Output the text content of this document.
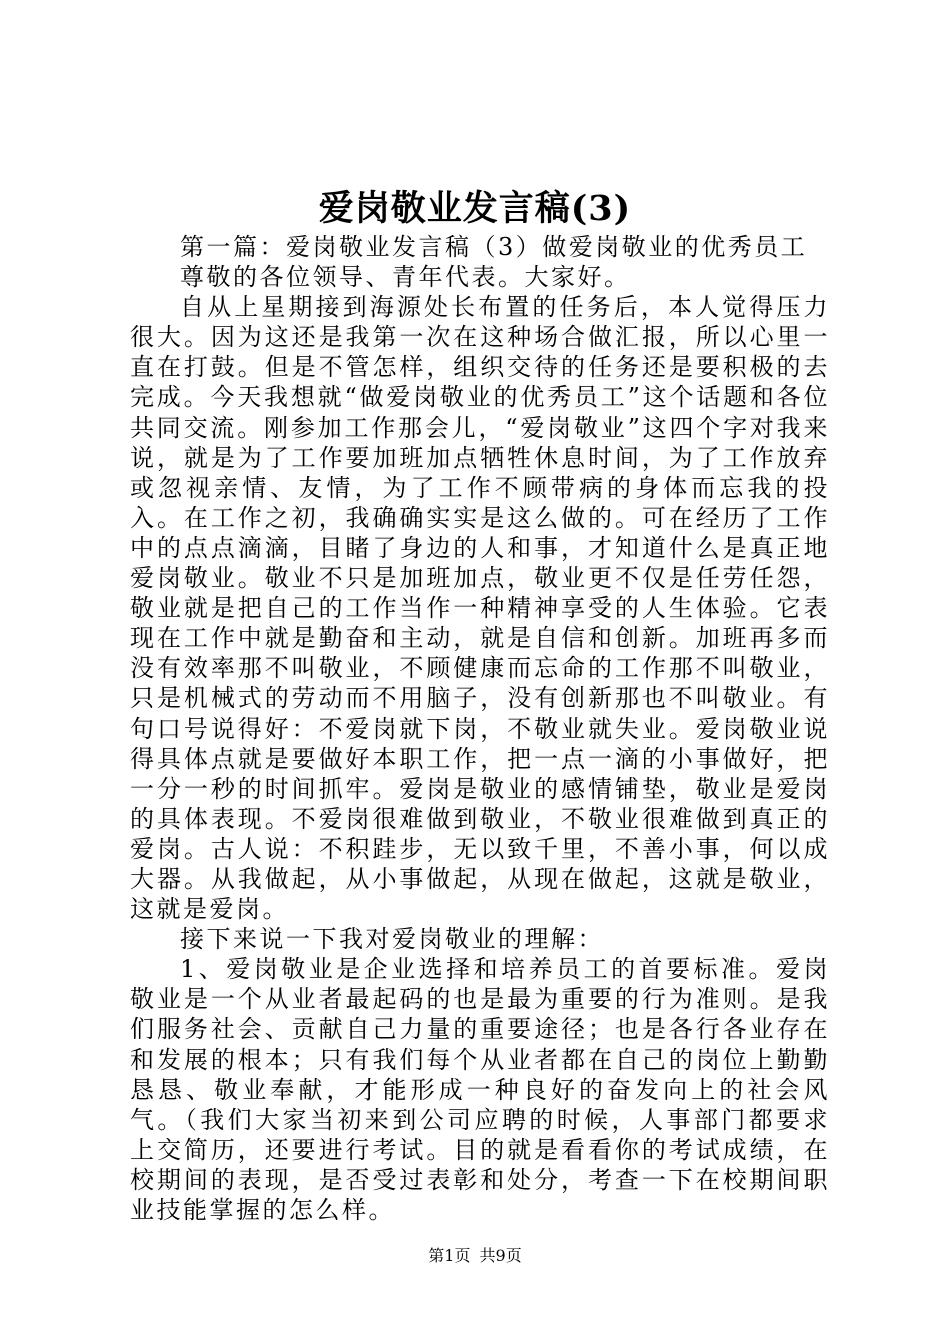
爱岗敬业发言稿(3)

第一篇：爱岗敬业发言稿（3）做爱岗敬业的优秀员工

尊敬的各位领导、青年代表。大家好。

自从上星期接到海源处长布置的任务后，本人觉得压力很大。因为这还是我第一次在这种场合做汇报，所以心里一直在打鼓。但是不管怎样，组织交待的任务还是要积极的去完成。今天我想就“做爱岗敬业的优秀员工”这个话题和各位共同交流。刚参加工作那会儿，“爱岗敬业”这四个字对我来说，就是为了工作要加班加点牺牲休息时间，为了工作放弃或忽视亲情、友情，为了工作不顾带病的身体而忘我的投入。在工作之初，我确确实实是这么做的。可在经历了工作中的点点滴滴，目睹了身边的人和事，才知道什么是真正地爱岗敬业。敬业不只是加班加点，敬业更不仅是任劳任怨，敬业就是把自己的工作当作一种精神享受的人生体验。它表现在工作中就是勤奋和主动，就是自信和创新。加班再多而没有效率那不叫敬业，不顾健康而忘命的工作那不叫敬业，只是机械式的劳动而不用脑子，没有创新那也不叫敬业。有句口号说得好：不爱岗就下岗，不敬业就失业。爱岗敬业说得具体点就是要做好本职工作，把一点一滴的小事做好，把一分一秒的时间抓牢。爱岗是敬业的感情铺垫，敬业是爱岗的具体表现。不爱岗很难做到敬业，不敬业很难做到真正的爱岗。古人说：不积跬步，无以致千里，不善小事，何以成大器。从我做起，从小事做起，从现在做起，这就是敬业，这就是爱岗。

接下来说一下我对爱岗敬业的理解：

1、爱岗敬业是企业选择和培养员工的首要标准。爱岗敬业是一个从业者最起码的也是最为重要的行为准则。是我们服务社会、贡献自己力量的重要途径；也是各行各业存在和发展的根本；只有我们每个从业者都在自己的岗位上勤勤恳恳、敬业奉献，才能形成一种良好的奋发向上的社会风气。（我们大家当初来到公司应聘的时候，人事部门都要求上交简历，还要进行考试。目的就是看看你的考试成绩，在校期间的表现，是否受过表彰和处分，考查一下在校期间职业技能掌握的怎么样。

第1页 共9页
